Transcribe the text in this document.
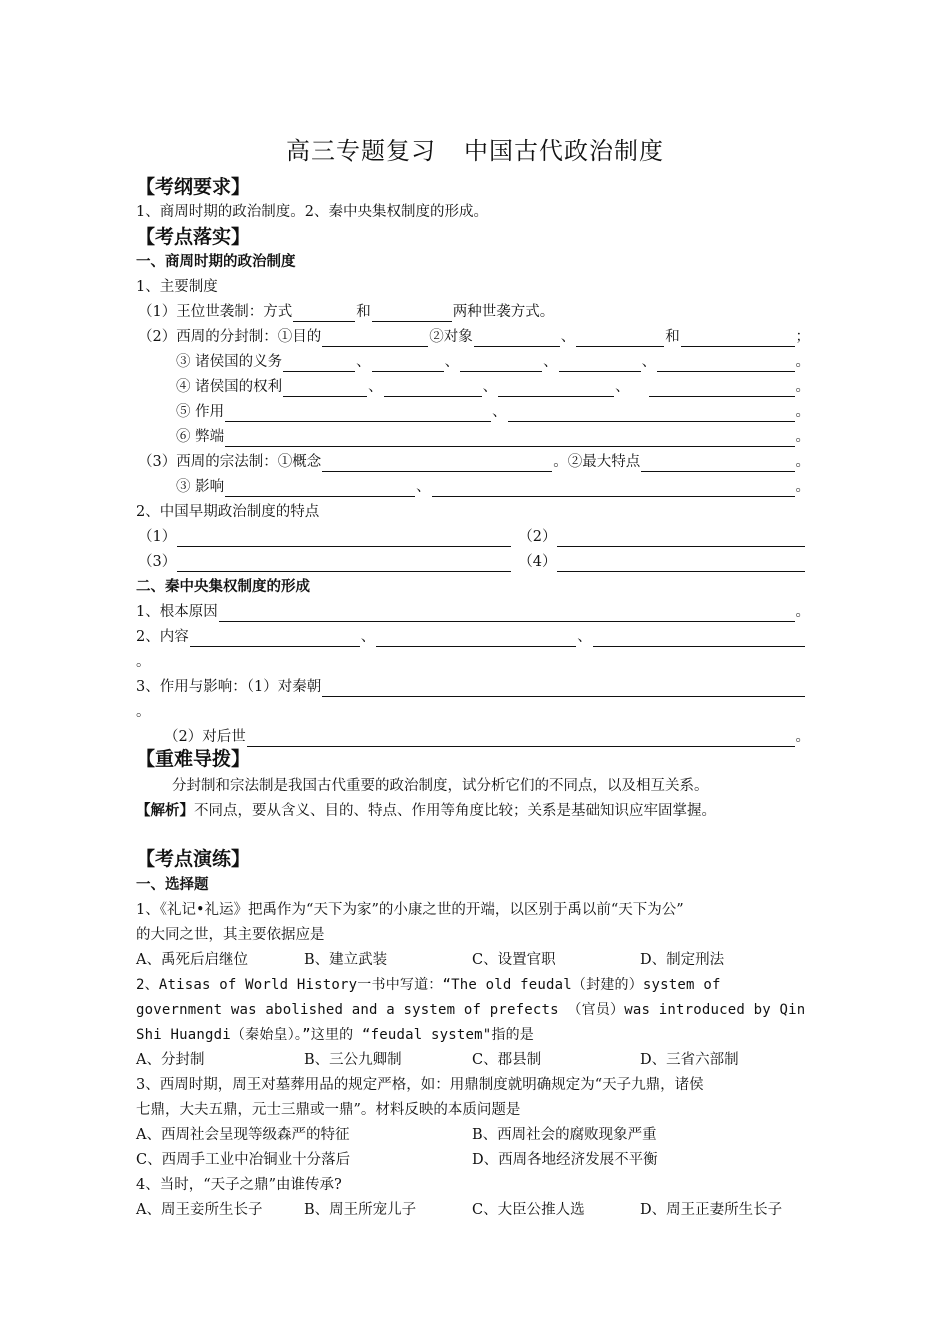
高三专题复习 中国古代政治制度
【考纲要求】
1、商周时期的政治制度。2、秦中央集权制度的形成。
【考点落实】
一、商周时期的政治制度
1、主要制度
（1）王位世袭制：方式	和	两种世袭方式。
（2）西周的分封制：①目的	②对象	、	和	；
③ 诸侯国的义务	、	、	、	、	。
④ 诸侯国的权利	、	、	、	。
⑤ 作用	、	。
⑥ 弊端	。
（3）西周的宗法制：①概念	。②最大特点	。
③ 影响	、	。
2、中国早期政治制度的特点
（1）	（2）
（3）	（4）
二、秦中央集权制度的形成
1、根本原因	。
2、内容	、	、
。
3、作用与影响：（1）对秦朝
。
（2）对后世	。
【重难导拨】
分封制和宗法制是我国古代重要的政治制度，试分析它们的不同点，以及相互关系。
【解析】 不同点，要从含义、目的、特点、作用等角度比较；关系是基础知识应牢固掌握。
【考点演练】
一、选择题
1、《礼记•礼运》把禹作为“天下为家”的小康之世的开端，以区别于禹以前“天下为公”
的大同之世，其主要依据应是
A、禹死后启继位	B、建立武装	C、设置官职	D、制定刑法
2、Atisas of World History一书中写道：“The old feudal（封建的）system of
government was abolished and a system of prefects （官员）was introduced by Qin
Shi Huangdi（秦始皇）。”这里的 “feudal system"指的是
A、分封制	B、三公九卿制	C、郡县制	D、三省六部制
3、西周时期，周王对墓葬用品的规定严格，如：用鼎制度就明确规定为“天子九鼎，诸侯
七鼎，大夫五鼎，元士三鼎或一鼎”。材料反映的本质问题是
A、西周社会呈现等级森严的特征	B、西周社会的腐败现象严重
C、西周手工业中冶铜业十分落后	D、西周各地经济发展不平衡
4、当时，“天子之鼎”由谁传承?
A、周王妾所生长子	B、周王所宠儿子	C、大臣公推人选	D、周王正妻所生长子
